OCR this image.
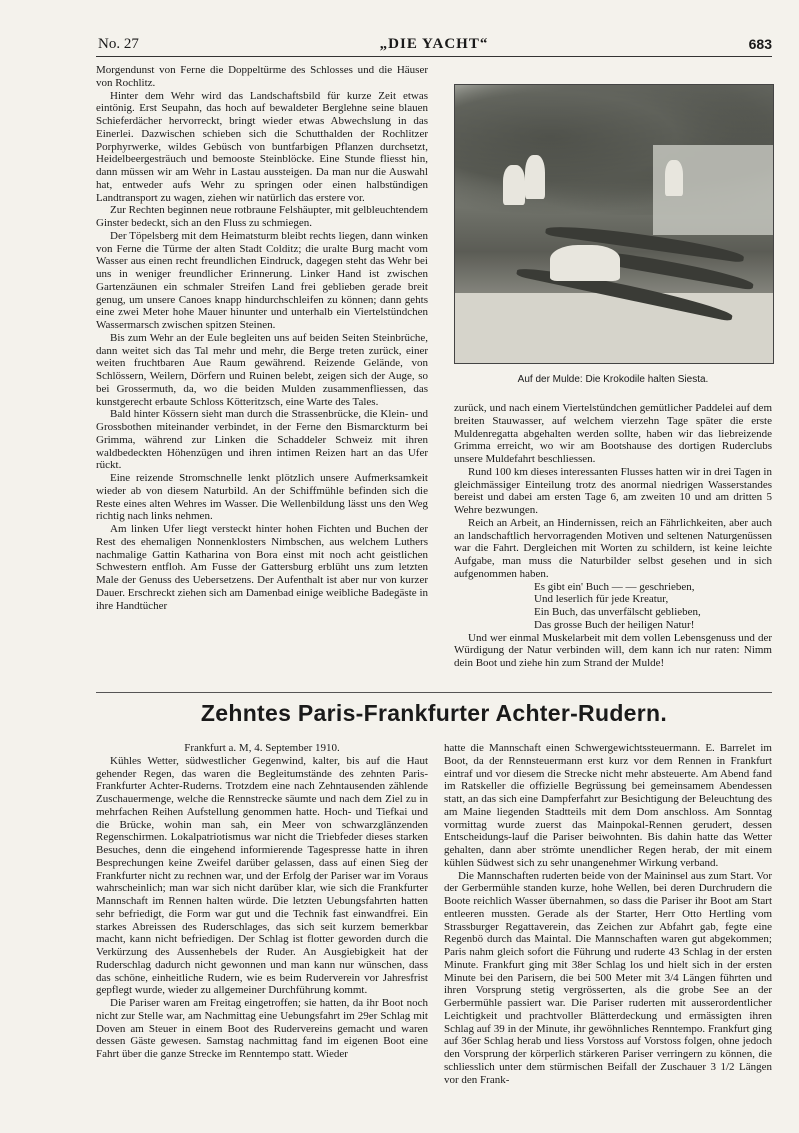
No. 27	„DIE YACHT“	683

Morgendunst von Ferne die Doppeltürme des Schlosses und die Häuser von Rochlitz.

Hinter dem Wehr wird das Landschaftsbild für kurze Zeit etwas eintönig. Erst Seupahn, das hoch auf bewaldeter Berglehne seine blauen Schieferdächer hervorreckt, bringt wieder etwas Abwechslung in das Einerlei. Dazwischen schieben sich die Schutthalden der Rochlitzer Porphyrwerke, wildes Gebüsch von buntfarbigen Pflanzen durchsetzt, Heidelbeergesträuch und bemooste Steinblöcke. Eine Stunde fliesst hin, dann müssen wir am Wehr in Lastau aussteigen. Da man nur die Auswahl hat, entweder aufs Wehr zu springen oder einen halbstündigen Landtransport zu wagen, ziehen wir natürlich das erstere vor.

Zur Rechten beginnen neue rotbraune Felshäupter, mit gelbleuchtendem Ginster bedeckt, sich an den Fluss zu schmiegen.

Der Töpelsberg mit dem Heimatsturm bleibt rechts liegen, dann winken von Ferne die Türme der alten Stadt Colditz; die uralte Burg macht vom Wasser aus einen recht freundlichen Eindruck, dagegen steht das Wehr bei uns in weniger freundlicher Erinnerung. Linker Hand ist zwischen Gartenzäunen ein schmaler Streifen Land frei geblieben gerade breit genug, um unsere Canoes knapp hindurchschleifen zu können; dann gehts eine zwei Meter hohe Mauer hinunter und unterhalb ein Viertelstündchen Wassermarsch zwischen spitzen Steinen.

Bis zum Wehr an der Eule begleiten uns auf beiden Seiten Steinbrüche, dann weitet sich das Tal mehr und mehr, die Berge treten zurück, einer weiten fruchtbaren Aue Raum gewährend. Reizende Gelände, von Schlössern, Weilern, Dörfern und Ruinen belebt, zeigen sich der Auge, so bei Grossermuth, da, wo die beiden Mulden zusammenfliessen, das kunstgerecht erbaute Schloss Kötteritzsch, eine Warte des Tales.

Bald hinter Kössern sieht man durch die Strassenbrücke, die Klein- und Grossbothen miteinander verbindet, in der Ferne den Bismarckturm bei Grimma, während zur Linken die Schaddeler Schweiz mit ihren waldbedeckten Höhenzügen und ihren intimen Reizen hart an das Ufer rückt.

Eine reizende Stromschnelle lenkt plötzlich unsere Aufmerksamkeit wieder ab von diesem Naturbild. An der Schiffmühle befinden sich die Reste eines alten Wehres im Wasser. Die Wellenbildung lässt uns den Weg richtig nach links nehmen.

Am linken Ufer liegt versteckt hinter hohen Fichten und Buchen der Rest des ehemaligen Nonnenklosters Nimbschen, aus welchem Luthers nachmalige Gattin Katharina von Bora einst mit noch acht geistlichen Schwestern entfloh. Am Fusse der Gattersburg erblüht uns zum letzten Male der Genuss des Uebersetzens. Der Aufenthalt ist aber nur von kurzer Dauer. Erschreckt ziehen sich am Damenbad einige weibliche Badegäste in ihre Handtücher

Auf der Mulde: Die Krokodile halten Siesta.

zurück, und nach einem Viertelstündchen gemütlicher Paddelei auf dem breiten Stauwasser, auf welchem vierzehn Tage später die erste Muldenregatta abgehalten werden sollte, haben wir das liebreizende Grimma erreicht, wo wir am Bootshause des dortigen Ruderclubs unsere Muldefahrt beschliessen.

Rund 100 km dieses interessanten Flusses hatten wir in drei Tagen in gleichmässiger Einteilung trotz des anormal niedrigen Wasserstandes bereist und dabei am ersten Tage 6, am zweiten 10 und am dritten 5 Wehre bezwungen.

Reich an Arbeit, an Hindernissen, reich an Fährlichkeiten, aber auch an landschaftlich hervorragenden Motiven und seltenen Naturgenüssen war die Fahrt. Dergleichen mit Worten zu schildern, ist keine leichte Aufgabe, man muss die Naturbilder selbst gesehen und in sich aufgenommen haben.

Es gibt ein' Buch — — geschrieben,

Und leserlich für jede Kreatur,

Ein Buch, das unverfälscht geblieben,

Das grosse Buch der heiligen Natur!

Und wer einmal Muskelarbeit mit dem vollen Lebensgenuss und der Würdigung der Natur verbinden will, dem kann ich nur raten: Nimm dein Boot und ziehe hin zum Strand der Mulde!

Zehntes Paris-Frankfurter Achter-Rudern.

Frankfurt a. M, 4. September 1910.

Kühles Wetter, südwestlicher Gegenwind, kalter, bis auf die Haut gehender Regen, das waren die Begleitumstände des zehnten Paris-Frankfurter Achter-Ruderns. Trotzdem eine nach Zehntausenden zählende Zuschauermenge, welche die Rennstrecke säumte und nach dem Ziel zu in mehrfachen Reihen Aufstellung genommen hatte. Hoch- und Tiefkai und die Brücke, wohin man sah, ein Meer von schwarzglänzenden Regenschirmen. Lokalpatriotismus war nicht die Triebfeder dieses starken Besuches, denn die eingehend informierende Tagespresse hatte in ihren Besprechungen keine Zweifel darüber gelassen, dass auf einen Sieg der Frankfurter nicht zu rechnen war, und der Erfolg der Pariser war im Voraus wahrscheinlich; man war sich nicht darüber klar, wie sich die Frankfurter Mannschaft im Rennen halten würde. Die letzten Uebungsfahrten hatten sehr befriedigt, die Form war gut und die Technik fast einwandfrei. Ein starkes Abreissen des Ruderschlages, das sich seit kurzem bemerkbar macht, kann nicht befriedigen. Der Schlag ist flotter geworden durch die Verkürzung des Aussenhebels der Ruder. An Ausgiebigkeit hat der Ruderschlag dadurch nicht gewonnen und man kann nur wünschen, dass das schöne, einheitliche Rudern, wie es beim Ruderverein vor Jahresfrist gepflegt wurde, wieder zu allgemeiner Durchführung kommt.

Die Pariser waren am Freitag eingetroffen; sie hatten, da ihr Boot noch nicht zur Stelle war, am Nachmittag eine Uebungsfahrt im 29er Schlag mit Doven am Steuer in einem Boot des Rudervereins gemacht und waren dessen Gäste gewesen. Samstag nachmittag fand im eigenen Boot eine Fahrt über die ganze Strecke im Renntempo statt. Wieder

hatte die Mannschaft einen Schwergewichtssteuermann. E. Barrelet im Boot, da der Rennsteuermann erst kurz vor dem Rennen in Frankfurt eintraf und vor diesem die Strecke nicht mehr absteuerte. Am Abend fand im Ratskeller die offizielle Begrüssung bei gemeinsamem Abendessen statt, an das sich eine Dampferfahrt zur Besichtigung der Beleuchtung des am Maine liegenden Stadtteils mit dem Dom anschloss. Am Sonntag vormittag wurde zuerst das Mainpokal-Rennen gerudert, dessen Entscheidungs-lauf die Pariser beiwohnten. Bis dahin hatte das Wetter gehalten, dann aber strömte unendlicher Regen herab, der mit einem kühlen Südwest sich zu sehr unangenehmer Wirkung verband.

Die Mannschaften ruderten beide von der Maininsel aus zum Start. Vor der Gerbermühle standen kurze, hohe Wellen, bei deren Durchrudern die Boote reichlich Wasser übernahmen, so dass die Pariser ihr Boot am Start entleeren mussten. Gerade als der Starter, Herr Otto Hertling vom Strassburger Regattaverein, das Zeichen zur Abfahrt gab, fegte eine Regenbö durch das Maintal. Die Mannschaften waren gut abgekommen; Paris nahm gleich sofort die Führung und ruderte 43 Schlag in der ersten Minute. Frankfurt ging mit 38er Schlag los und hielt sich in der ersten Minute bei den Parisern, die bei 500 Meter mit 3/4 Längen führten und ihren Vorsprung stetig vergrösserten, als die grobe See an der Gerbermühle passiert war. Die Pariser ruderten mit ausserordentlicher Leichtigkeit und prachtvoller Blätterdeckung und ermässigten ihren Schlag auf 39 in der Minute, ihr gewöhnliches Renntempo. Frankfurt ging auf 36er Schlag herab und liess Vorstoss auf Vorstoss folgen, ohne jedoch den Vorsprung der körperlich stärkeren Pariser verringern zu können, die schliesslich unter dem stürmischen Beifall der Zuschauer 3 1/2 Längen vor den Frank-
